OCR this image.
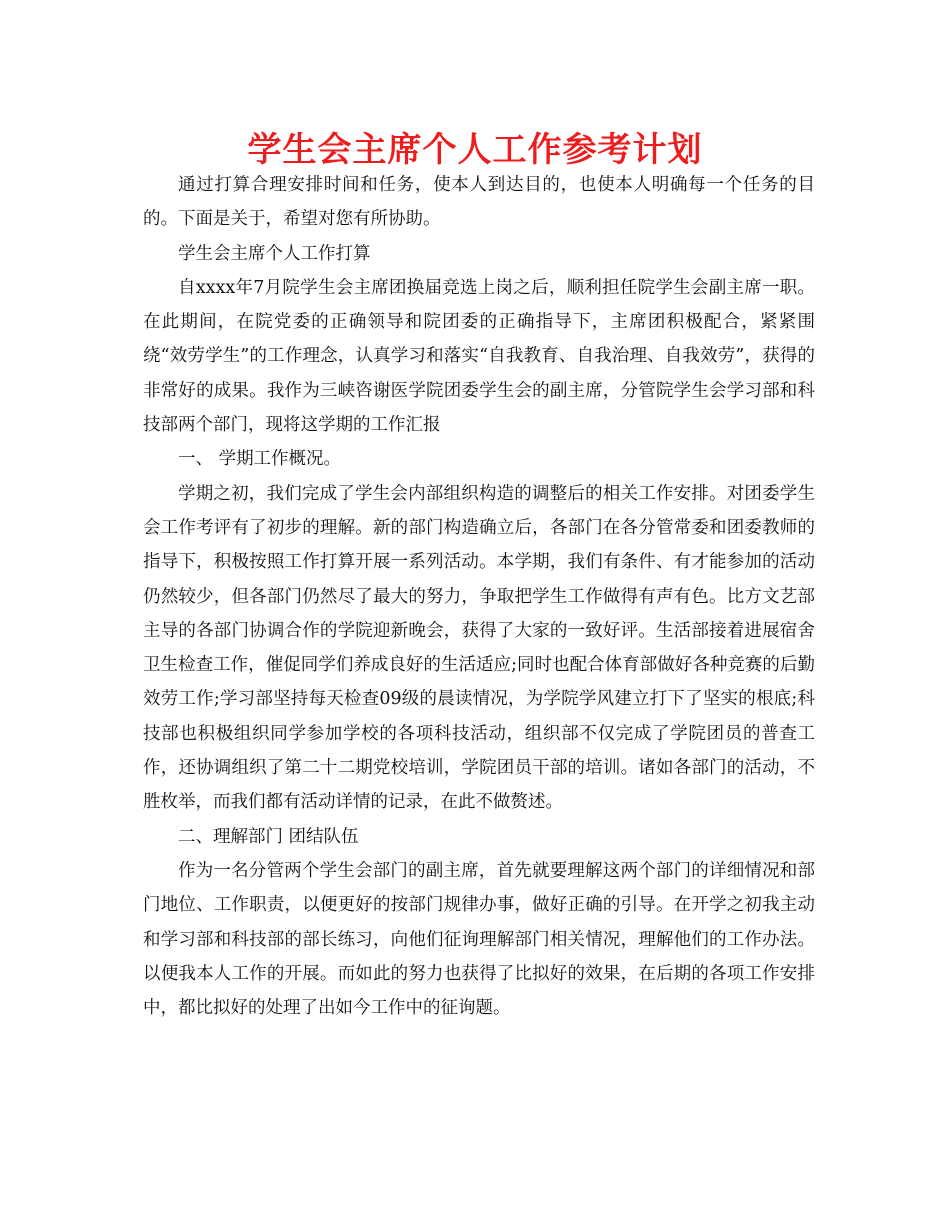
学生会主席个人工作参考计划

通过打算合理安排时间和任务，使本人到达目的，也使本人明确每一个任务的目的。下面是关于，希望对您有所协助。

学生会主席个人工作打算

自xxxx年7月院学生会主席团换届竞选上岗之后，顺利担任院学生会副主席一职。在此期间，在院党委的正确领导和院团委的正确指导下，主席团积极配合，紧紧围绕“效劳学生”的工作理念，认真学习和落实“自我教育、自我治理、自我效劳”，获得的非常好的成果。我作为三峡咨谢医学院团委学生会的副主席，分管院学生会学习部和科技部两个部门，现将这学期的工作汇报

一、 学期工作概况。

学期之初，我们完成了学生会内部组织构造的调整后的相关工作安排。对团委学生会工作考评有了初步的理解。新的部门构造确立后，各部门在各分管常委和团委教师的指导下，积极按照工作打算开展一系列活动。本学期，我们有条件、有才能参加的活动仍然较少，但各部门仍然尽了最大的努力，争取把学生工作做得有声有色。比方文艺部主导的各部门协调合作的学院迎新晚会，获得了大家的一致好评。生活部接着进展宿舍卫生检查工作，催促同学们养成良好的生活适应;同时也配合体育部做好各种竞赛的后勤效劳工作;学习部坚持每天检查09级的晨读情况，为学院学风建立打下了坚实的根底;科技部也积极组织同学参加学校的各项科技活动，组织部不仅完成了学院团员的普查工作，还协调组织了第二十二期党校培训，学院团员干部的培训。诸如各部门的活动，不胜枚举，而我们都有活动详情的记录，在此不做赘述。

二、理解部门 团结队伍

作为一名分管两个学生会部门的副主席，首先就要理解这两个部门的详细情况和部门地位、工作职责，以便更好的按部门规律办事，做好正确的引导。在开学之初我主动和学习部和科技部的部长练习，向他们征询理解部门相关情况，理解他们的工作办法。以便我本人工作的开展。而如此的努力也获得了比拟好的效果，在后期的各项工作安排中，都比拟好的处理了出如今工作中的征询题。
